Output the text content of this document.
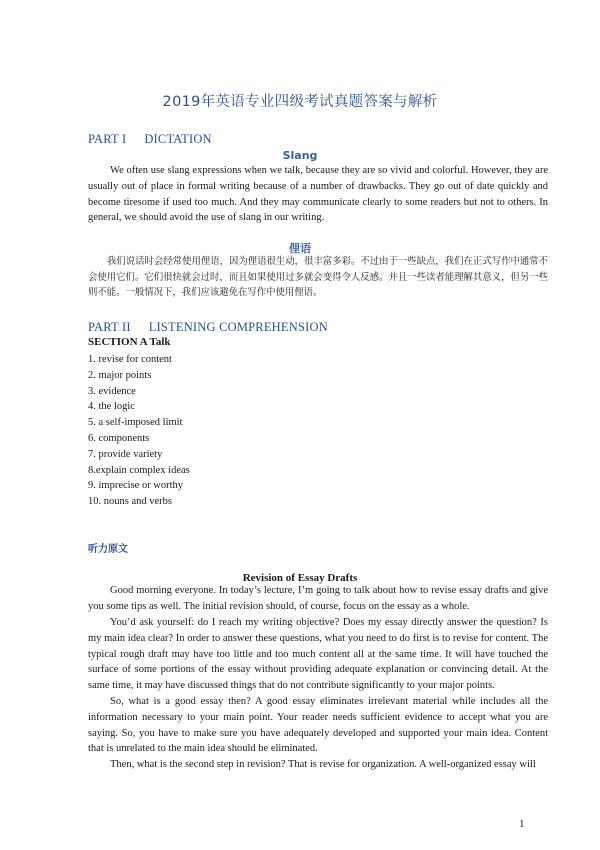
2019年英语专业四级考试真题答案与解析
PART I DICTATION
Slang

We often use slang expressions when we talk, because they are so vivid and colorful. However, they are usually out of place in formal writing because of a number of drawbacks. They go out of date quickly and become tiresome if used too much. And they may communicate clearly to some readers but not to others. In general, we should avoid the use of slang in our writing.

俚语

我们说话时会经常使用俚语，因为俚语很生动，很丰富多彩。不过由于一些缺点，我们在正式写作中通常不会使用它们。它们很快就会过时，而且如果使用过多就会变得令人反感。并且一些读者能理解其意义，但另一些则不能。一般情况下，我们应该避免在写作中使用俚语。

PART II LISTENING COMPREHENSION
SECTION A Talk
1. revise for content
2. major points
3. evidence
4. the logic
5. a self-imposed limit
6. components
7. provide variety
8.explain complex ideas
9. imprecise or worthy
10. nouns and verbs
听力原文
Revision of Essay Drafts

Good morning everyone. In today’s lecture, I’m going to talk about how to revise essay drafts and give you some tips as well. The initial revision should, of course, focus on the essay as a whole.

You’d ask yourself: do I reach my writing objective? Does my essay directly answer the question? Is my main idea clear? In order to answer these questions, what you need to do first is to revise for content. The typical rough draft may have too little and too much content all at the same time. It will have touched the surface of some portions of the essay without providing adequate explanation or convincing detail. At the same time, it may have discussed things that do not contribute significantly to your major points.

So, what is a good essay then? A good essay eliminates irrelevant material while includes all the information necessary to your main point. Your reader needs sufficient evidence to accept what you are saying. So, you have to make sure you have adequately developed and supported your main idea. Content that is unrelated to the main idea should be eliminated.

Then, what is the second step in revision? That is revise for organization. A well-organized essay will

1
